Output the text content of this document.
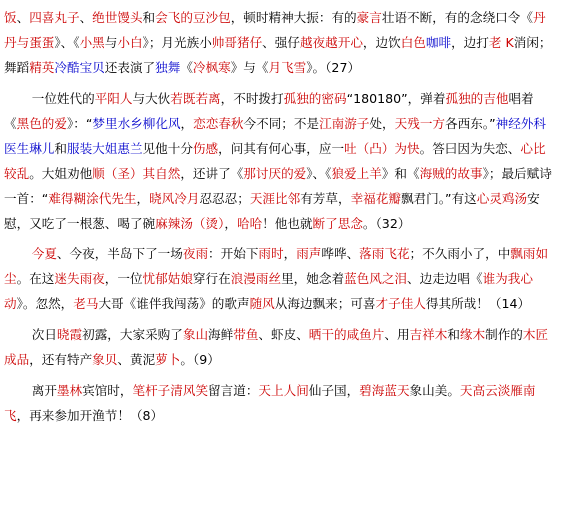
饭、四喜丸子、绝世馒头和会飞的豆沙包，顿时精神大振：有的豪言壮语不断，有的念绕口令《丹丹与蛋蛋》、《小黑与小白》；月光族小帅哥猪仔、强仔越夜越开心，边饮白色咖啡，边打老 K消闲；舞蹈精英冷酷宝贝还表演了独舞《冷枫寒》与《月飞雪》。（27）

一位姓代的平阳人与大伙若既若离，不时拨打孤独的密码“180180”，弹着孤独的吉他唱着《黑色的爱》：“梦里水乡柳化风，恋恋春秋今不同；不是江南游子处，天残一方各西东。”神经外科医生琳儿和服装大姐惠兰见他十分伤感，问其有何心事，应一吐（凸）为快。答曰因为失恋、心比较乱。大姐劝他顺（圣）其自然，还讲了《那讨厌的爱》、《狼爱上羊》和《海贼的故事》；最后赋诗一首：“难得糊涂代先生，晓风冷月忍忍忍；天涯比邻有芳草，幸福花瓣飘君门。”有这心灵鸡汤安慰，又吃了一根葱、喝了碗麻辣汤（烫），哈哈！他也就断了思念。（32）

今夏、今夜，半岛下了一场夜雨：开始下雨时，雨声哗哗、落雨飞花；不久雨小了，中飘雨如尘。在这迷失雨夜，一位忧郁姑娘穿行在浪漫雨丝里，她念着蓝色风之泪、边走边唱《谁为我心动》。忽然，老马大哥《谁伴我闯荡》的歌声随风从海边飘来；可喜才子佳人得其所哉！（14）

次日晓霞初露，大家采购了象山海鲜带鱼、虾皮、晒干的咸鱼片、用吉祥木和缘木制作的木匠成品，还有特产象贝、黄泥萝卜。（9）

离开墨林宾馆时，笔杆子清风笑留言道：天上人间仙子国，碧海蓝天象山美。天高云淡雁南飞，再来参加开渔节！（8）
